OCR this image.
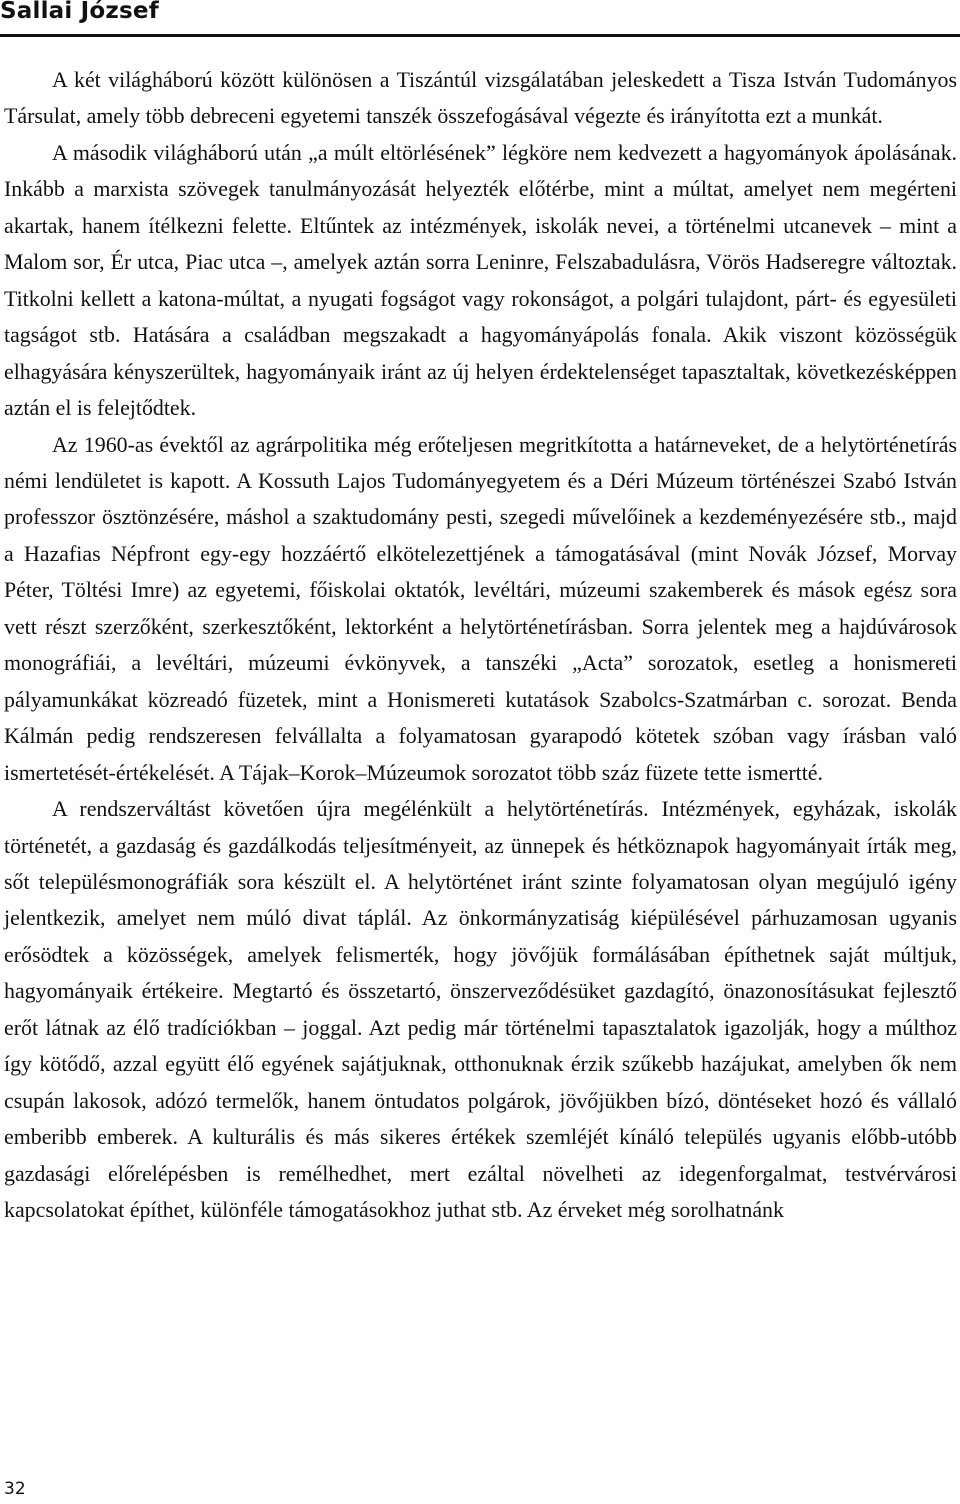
Sallai József

A két világháború között különösen a Tiszántúl vizsgálatában jeleskedett a Tisza István Tudományos Társulat, amely több debreceni egyetemi tanszék összefogásával végezte és irányította ezt a munkát.

A második világháború után „a múlt eltörlésének” légköre nem kedvezett a hagyományok ápolásának. Inkább a marxista szövegek tanulmányozását helyezték előtérbe, mint a múltat, amelyet nem megérteni akartak, hanem ítélkezni felette. Eltűntek az intézmények, iskolák nevei, a történelmi utcanevek – mint a Malom sor, Ér utca, Piac utca –, amelyek aztán sorra Leninre, Felszabadulásra, Vörös Hadseregre változtak. Titkolni kellett a katona-múltat, a nyugati fogságot vagy rokonságot, a polgári tulajdont, párt- és egyesületi tagságot stb. Hatására a családban megszakadt a hagyományápolás fonala. Akik viszont közösségük elhagyására kényszerültek, hagyományaik iránt az új helyen érdektelenséget tapasztaltak, következésképpen aztán el is felejtődtek.

Az 1960-as évektől az agrárpolitika még erőteljesen megritkította a határneveket, de a helytörténetírás némi lendületet is kapott. A Kossuth Lajos Tudományegyetem és a Déri Múzeum történészei Szabó István professzor ösztönzésére, máshol a szaktudomány pesti, szegedi művelőinek a kezdeményezésére stb., majd a Hazafias Népfront egy-egy hozzáértő elkötelezettjének a támogatásával (mint Novák József, Morvay Péter, Töltési Imre) az egyetemi, főiskolai oktatók, levéltári, múzeumi szakemberek és mások egész sora vett részt szerzőként, szerkesztőként, lektorként a helytörténetírásban. Sorra jelentek meg a hajdúvárosok monográfiái, a levéltári, múzeumi évkönyvek, a tanszéki „Acta” sorozatok, esetleg a honismereti pályamunkákat közreadó füzetek, mint a Honismereti kutatások Szabolcs-Szatmárban c. sorozat. Benda Kálmán pedig rendszeresen felvállalta a folyamatosan gyarapodó kötetek szóban vagy írásban való ismertetését-értékelését. A Tájak–Korok–Múzeumok sorozatot több száz füzete tette ismertté.

A rendszerváltást követően újra megélénkült a helytörténetírás. Intézmények, egyházak, iskolák történetét, a gazdaság és gazdálkodás teljesítményeit, az ünnepek és hétköznapok hagyományait írták meg, sőt településmonográfiák sora készült el. A helytörténet iránt szinte folyamatosan olyan megújuló igény jelentkezik, amelyet nem múló divat táplál. Az önkormányzatiság kiépülésével párhuzamosan ugyanis erősödtek a közösségek, amelyek felismerték, hogy jövőjük formálásában építhetnek saját múltjuk, hagyományaik értékeire. Megtartó és összetartó, önszerveződésüket gazdagító, önazonosításukat fejlesztő erőt látnak az élő tradíciókban – joggal. Azt pedig már történelmi tapasztalatok igazolják, hogy a múlthoz így kötődő, azzal együtt élő egyének sajátjuknak, otthonuknak érzik szűkebb hazájukat, amelyben ők nem csupán lakosok, adózó termelők, hanem öntudatos polgárok, jövőjükben bízó, döntéseket hozó és vállaló emberibb emberek. A kulturális és más sikeres értékek szemléjét kínáló település ugyanis előbb-utóbb gazdasági előrelépésben is remélhedhet, mert ezáltal növelheti az idegenforgalmat, testvérvárosi kapcsolatokat építhet, különféle támogatásokhoz juthat stb. Az érveket még sorolhatnánk

32
